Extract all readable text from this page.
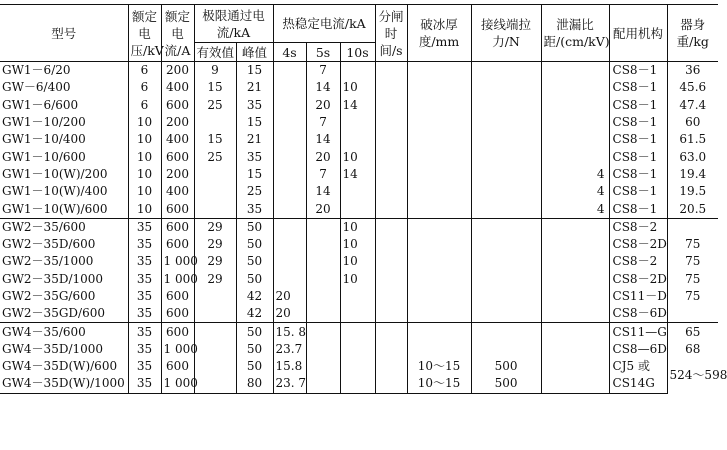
型号	额定电压/kV	额定电流/A	极限通过电流/kA		热稳定电流/kA			分闸时间/s	破冰厚度/mm	接线端拉力/N	泄漏比距/(cm/kV)	配用机构	器身重/kg
			有效值	峰值	4s	5s	10s						
GW1－6/20	6	200	9	15		7						CS8－1	36
GW－6/400	6	400	15	21		14	10					CS8－1	45.6
GW1－6/600	6	600	25	35		20	14					CS8－1	47.4
GW1－10/200	10	200		15		7						CS8－1	60
GW1－10/400	10	400	15	21		14						CS8－1	61.5
GW1－10/600	10	600	25	35		20	10					CS8－1	63.0
GW1－10(W)/200	10	200		15		7	14				4	CS8－1	19.4
GW1－10(W)/400	10	400		25		14					4	CS8－1	19.5
GW1－10(W)/600	10	600		35		20					4	CS8－1	20.5
GW2－35/600	35	600	29	50			10					CS8－2	
GW2－35D/600	35	600	29	50			10					CS8－2D	75
GW2－35/1000	35	1 000	29	50			10					CS8－2	75
GW2－35D/1000	35	1 000	29	50			10					CS8－2D	75
GW2－35G/600	35	600		42	20							CS11－D	75
GW2－35GD/600	35	600		42	20							CS8－6D	
GW4－35/600	35	600		50	15. 8							CS11—G	65
GW4－35D/1000	35	1 000		50	23.7							CS8—6D	68
GW4－35D(W)/600	35	600		50	15.8				10～15	500		CJ5 或	524～598
GW4－35D(W)/1000	35	1 000		80	23. 7				10～15	500		CS14G	
